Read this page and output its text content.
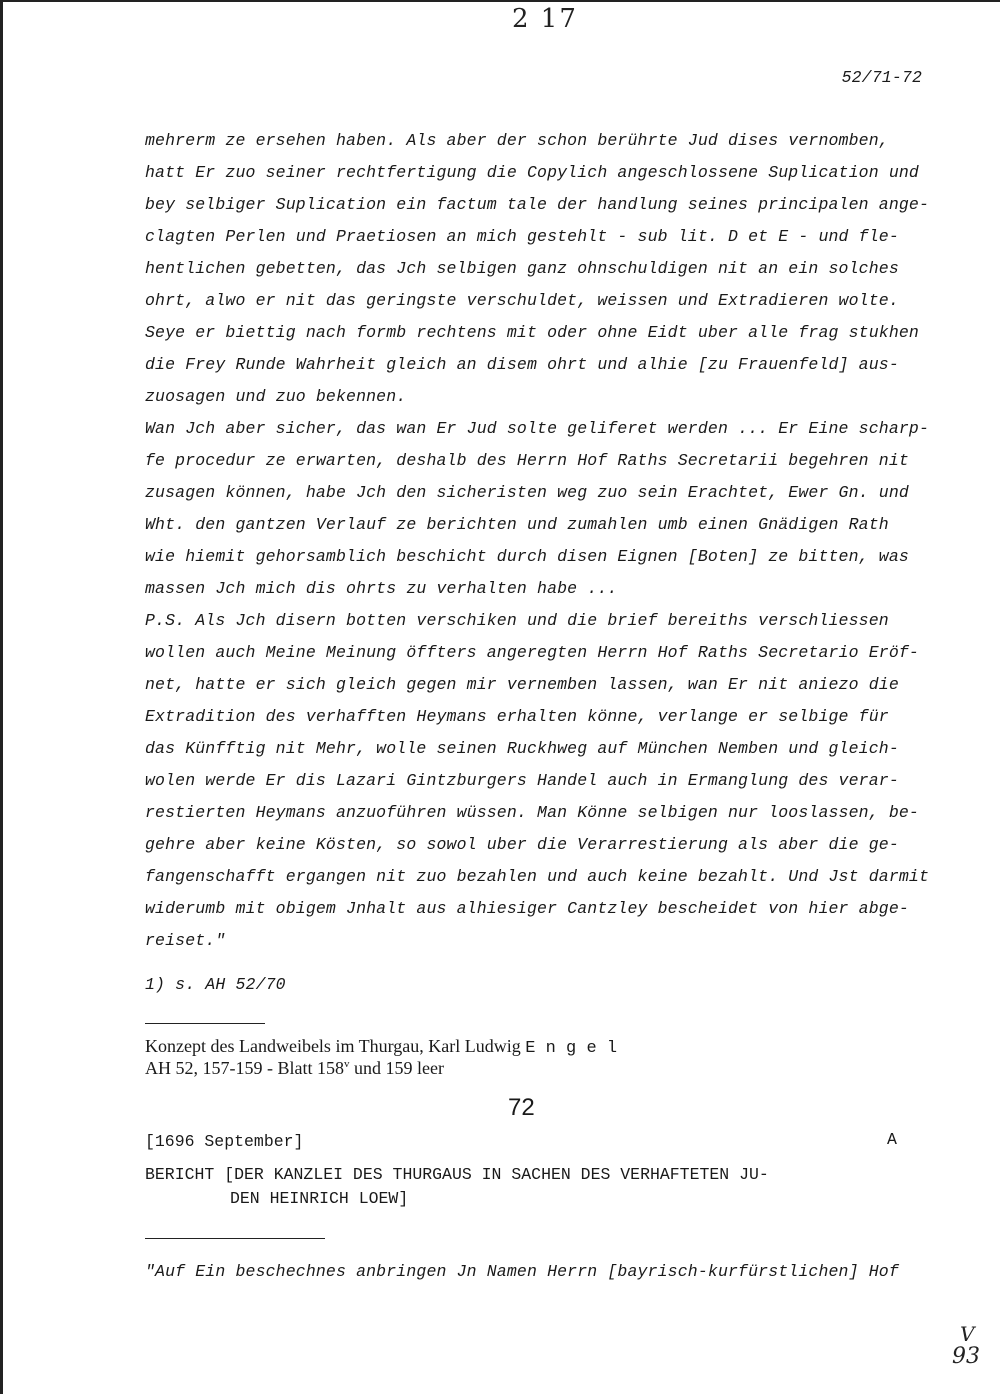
2 17
52/71-72
mehrerm ze ersehen haben. Als aber der schon berührte Jud dises vernomben,
hatt Er zuo seiner rechtfertigung die Copylich angeschlossene Suplication und
bey selbiger Suplication ein factum tale der handlung seines principalen ange-
clagten Perlen und Praetiosen an mich gestehlt - sub lit. D et E - und fle-
hentlichen gebetten, das Jch selbigen ganz ohnschuldigen nit an ein solches
ohrt, alwo er nit das geringste verschuldet, weissen und Extradieren wolte.
Seye er biettig nach formb rechtens mit oder ohne Eidt uber alle frag stukhen
die Frey Runde Wahrheit gleich an disem ohrt und alhie [zu Frauenfeld] aus-
zuosagen und zuo bekennen.
Wan Jch aber sicher, das wan Er Jud solte geliferet werden ... Er Eine scharp-
fe procedur ze erwarten, deshalb des Herrn Hof Raths Secretarii begehren nit
zusagen können, habe Jch den sicheristen weg zuo sein Erachtet, Ewer Gn. und
Wht. den gantzen Verlauf ze berichten und zumahlen umb einen Gnädigen Rath
wie hiemit gehorsamblich beschicht durch disen Eignen [Boten] ze bitten, was
massen Jch mich dis ohrts zu verhalten habe ...
P.S. Als Jch disern botten verschiken und die brief bereiths verschliessen
wollen auch Meine Meinung öffters angeregten Herrn Hof Raths Secretario Eröf-
net, hatte er sich gleich gegen mir vernemben lassen, wan Er nit aniezo die
Extradition des verhafften Heymans erhalten könne, verlange er selbige für
das Künfftig nit Mehr, wolle seinen Ruckhweg auf München Nemben und gleich-
wolen werde Er dis Lazari Gintzburgers Handel auch in Ermanglung des verar-
restierten Heymans anzuoführen wüssen. Man Könne selbigen nur looslassen, be-
gehre aber keine Kösten, so sowol uber die Verarrestierung als aber die ge-
fangenschafft ergangen nit zuo bezahlen und auch keine bezahlt. Und Jst darmit
widerumb mit obigem Jnhalt aus alhiesiger Cantzley bescheidet von hier abge-
reiset."
1) s. AH 52/70
Konzept des Landweibels im Thurgau, Karl Ludwig E n g e l
AH 52, 157-159 - Blatt 158$^v$ und 159 leer
72
[1696 September]	A
BERICHT [DER KANZLEI DES THURGAUS IN SACHEN DES VERHAFTETEN JU-
DEN HEINRICH LOEW]
"Auf Ein beschechnes anbringen Jn Namen Herrn [bayrisch-kurfürstlichen] Hof
V
93
